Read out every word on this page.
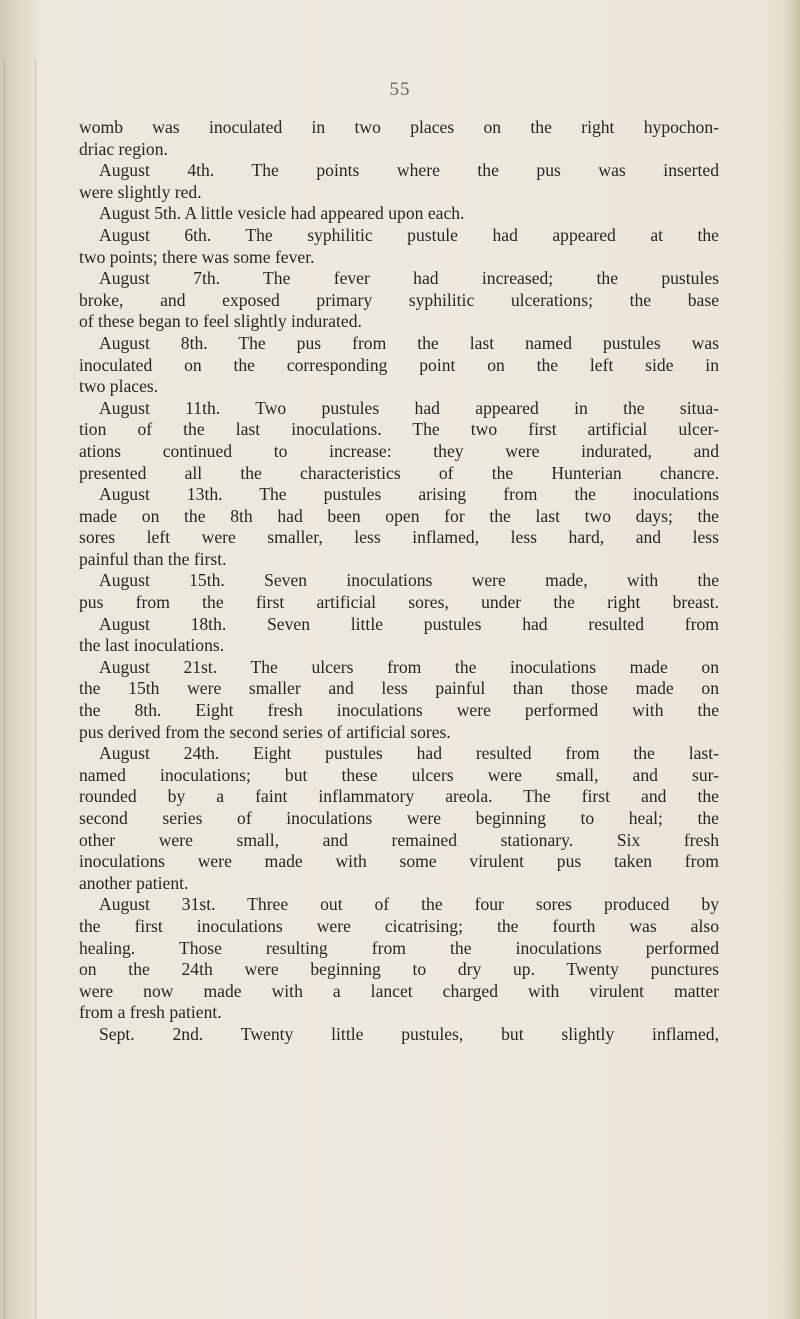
55
womb was inoculated in two places on the right hypochon-
driac region.
August 4th. The points where the pus was inserted
were slightly red.
August 5th. A little vesicle had appeared upon each.
August 6th. The syphilitic pustule had appeared at the
two points; there was some fever.
August 7th. The fever had increased; the pustules
broke, and exposed primary syphilitic ulcerations; the base
of these began to feel slightly indurated.
August 8th. The pus from the last named pustules was
inoculated on the corresponding point on the left side in
two places.
August 11th. Two pustules had appeared in the situa-
tion of the last inoculations. The two first artificial ulcer-
ations continued to increase: they were indurated, and
presented all the characteristics of the Hunterian chancre.
August 13th. The pustules arising from the inoculations
made on the 8th had been open for the last two days; the
sores left were smaller, less inflamed, less hard, and less
painful than the first.
August 15th. Seven inoculations were made, with the
pus from the first artificial sores, under the right breast.
August 18th. Seven little pustules had resulted from
the last inoculations.
August 21st. The ulcers from the inoculations made on
the 15th were smaller and less painful than those made on
the 8th. Eight fresh inoculations were performed with the
pus derived from the second series of artificial sores.
August 24th. Eight pustules had resulted from the last-
named inoculations; but these ulcers were small, and sur-
rounded by a faint inflammatory areola. The first and the
second series of inoculations were beginning to heal; the
other were small, and remained stationary. Six fresh
inoculations were made with some virulent pus taken from
another patient.
August 31st. Three out of the four sores produced by
the first inoculations were cicatrising; the fourth was also
healing. Those resulting from the inoculations performed
on the 24th were beginning to dry up. Twenty punctures
were now made with a lancet charged with virulent matter
from a fresh patient.
Sept. 2nd. Twenty little pustules, but slightly inflamed,
